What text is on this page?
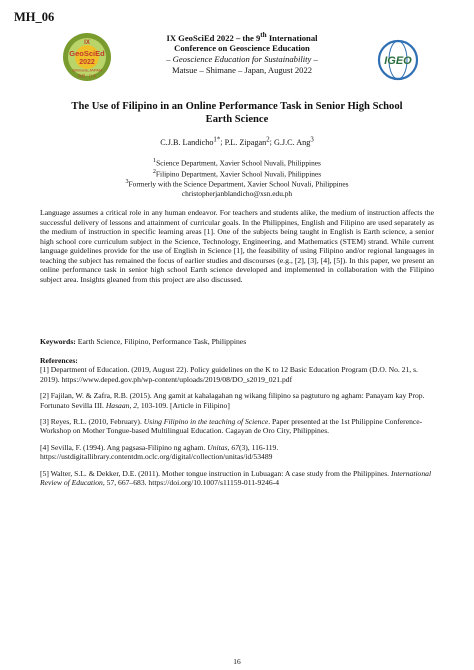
MH_06
IX
GeoSciEd
2022
Shimane,JAPAN
島根・日本
IX GeoSciEd 2022 – the 9th International
Conference on Geoscience Education
– Geoscience Education for Sustainability –
Matsue – Shimane – Japan, August 2022
IGEO
The Use of Filipino in an Online Performance Task in Senior High School Earth Science
C.J.B. Landicho$^{1*}$; P.L. Zipagan$^2$; G.J.C. Ang$^3$
$^1$Science Department, Xavier School Nuvali, Philippines
$^2$Filipino Department, Xavier School Nuvali, Philippines
$^3$Formerly with the Science Department, Xavier School Nuvali, Philippines
christopherjanblandicho@xsn.edu.ph
Language assumes a critical role in any human endeavor. For teachers and students alike, the medium of instruction affects the successful delivery of lessons and attainment of curricular goals. In the Philippines, English and Filipino are used separately as the medium of instruction in specific learning areas [1]. One of the subjects being taught in English is Earth science, a senior high school core curriculum subject in the Science, Technology, Engineering, and Mathematics (STEM) strand. While current language guidelines provide for the use of English in Science [1], the feasibility of using Filipino and/or regional languages in teaching the subject has remained the focus of earlier studies and discourses (e.g., [2], [3], [4], [5]). In this paper, we present an online performance task in senior high school Earth science developed and implemented in collaboration with the Filipino subject area. Insights gleaned from this project are also discussed.
Keywords: Earth Science, Filipino, Performance Task, Philippines
References:
[1] Department of Education. (2019, August 22). Policy guidelines on the K to 12 Basic Education Program (D.O. No. 21, s. 2019). https://www.deped.gov.ph/wp-content/uploads/2019/08/DO_s2019_021.pdf
[2] Fajilan, W. & Zafra, R.B. (2015). Ang gamit at kahalagahan ng wikang filipino sa pagtuturo ng agham: Panayam kay Prop. Fortunato Sevilla III. Hasaan, 2, 103-109. [Article in Filipino]
[3] Reyes, R.L. (2010, February). Using Filipino in the teaching of Science. Paper presented at the 1st Philippine Conference-Workshop on Mother Tongue-based Multilingual Education. Cagayan de Oro City, Philippines.
[4] Sevilla, F. (1994). Ang pagsasa-Filipino ng agham. Unitas, 67(3), 116-119. https://ustdigitallibrary.contentdm.oclc.org/digital/collection/unitas/id/53489
[5] Walter, S.L. & Dekker, D.E. (2011). Mother tongue instruction in Lubuagan: A case study from the Philippines. International Review of Education, 57, 667–683. https://doi.org/10.1007/s11159-011-9246-4
16
